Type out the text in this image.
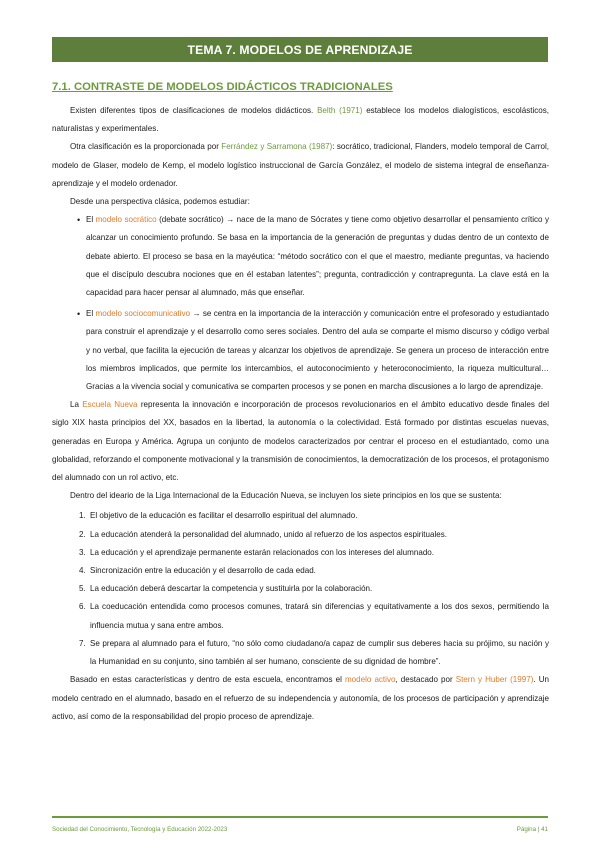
TEMA 7. MODELOS DE APRENDIZAJE
7.1. CONTRASTE DE MODELOS DIDÁCTICOS TRADICIONALES

Existen diferentes tipos de clasificaciones de modelos didácticos. Belth (1971) establece los modelos dialogísticos, escolásticos, naturalistas y experimentales.

Otra clasificación es la proporcionada por Ferrández y Sarramona (1987): socrático, tradicional, Flanders, modelo temporal de Carrol, modelo de Glaser, modelo de Kemp, el modelo logístico instruccional de García González, el modelo de sistema integral de enseñanza-aprendizaje y el modelo ordenador.

Desde una perspectiva clásica, podemos estudiar:

• El modelo socrático (debate socrático) → nace de la mano de Sócrates y tiene como objetivo desarrollar el pensamiento crítico y alcanzar un conocimiento profundo. Se basa en la importancia de la generación de preguntas y dudas dentro de un contexto de debate abierto. El proceso se basa en la mayéutica: “método socrático con el que el maestro, mediante preguntas, va haciendo que el discípulo descubra nociones que en él estaban latentes”; pregunta, contradicción y contrapregunta. La clave está en la capacidad para hacer pensar al alumnado, más que enseñar.
• El modelo sociocomunicativo → se centra en la importancia de la interacción y comunicación entre el profesorado y estudiantado para construir el aprendizaje y el desarrollo como seres sociales. Dentro del aula se comparte el mismo discurso y código verbal y no verbal, que facilita la ejecución de tareas y alcanzar los objetivos de aprendizaje. Se genera un proceso de interacción entre los miembros implicados, que permite los intercambios, el autoconocimiento y heteroconocimiento, la riqueza multicultural… Gracias a la vivencia social y comunicativa se comparten procesos y se ponen en marcha discusiones a lo largo de aprendizaje.

La Escuela Nueva representa la innovación e incorporación de procesos revolucionarios en el ámbito educativo desde finales del siglo XIX hasta principios del XX, basados en la libertad, la autonomía o la colectividad. Está formado por distintas escuelas nuevas, generadas en Europa y América. Agrupa un conjunto de modelos caracterizados por centrar el proceso en el estudiantado, como una globalidad, reforzando el componente motivacional y la transmisión de conocimientos, la democratización de los procesos, el protagonismo del alumnado con un rol activo, etc.

Dentro del ideario de la Liga Internacional de la Educación Nueva, se incluyen los siete principios en los que se sustenta:

1. El objetivo de la educación es facilitar el desarrollo espiritual del alumnado.
2. La educación atenderá la personalidad del alumnado, unido al refuerzo de los aspectos espirituales.
3. La educación y el aprendizaje permanente estarán relacionados con los intereses del alumnado.
4. Sincronización entre la educación y el desarrollo de cada edad.
5. La educación deberá descartar la competencia y sustituirla por la colaboración.
6. La coeducación entendida como procesos comunes, tratará sin diferencias y equitativamente a los dos sexos, permitiendo la influencia mutua y sana entre ambos.
7. Se prepara al alumnado para el futuro, “no sólo como ciudadano/a capaz de cumplir sus deberes hacia su prójimo, su nación y la Humanidad en su conjunto, sino también al ser humano, consciente de su dignidad de hombre”.

Basado en estas características y dentro de esta escuela, encontramos el modelo activo, destacado por Stern y Huber (1997). Un modelo centrado en el alumnado, basado en el refuerzo de su independencia y autonomía, de los procesos de participación y aprendizaje activo, así como de la responsabilidad del propio proceso de aprendizaje.

Sociedad del Conocimiento, Tecnología y Educación 2022-2023	Página | 41
